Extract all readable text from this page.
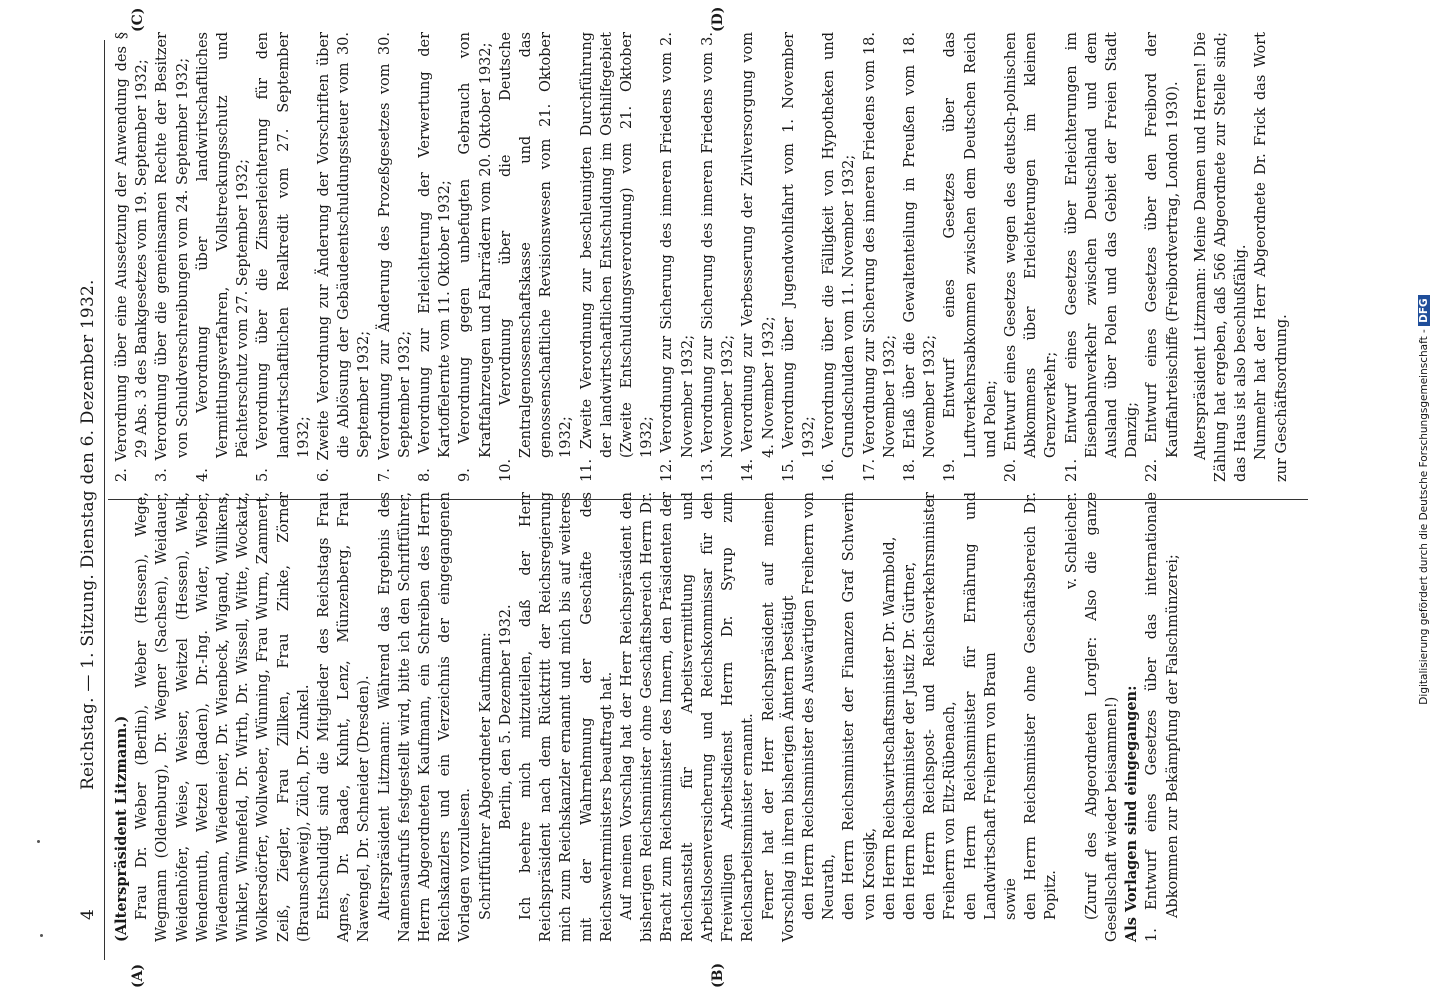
4
Reichstag. — 1. Sitzung. Dienstag den 6. Dezember 1932.
(A)	(B)
(C)	(D)

(Alterspräsident Litzmann.) Frau Dr. Weber (Berlin), Weber (Hessen), Wege, Wegmann (Oldenburg), Dr. Wegner (Sachsen), Weidauer, Weidenhöfer, Weise, Weiser, Weitzel (Hessen), Welk, Wendemuth, Wetzel (Baden), Dr.-Ing. Wider, Wieber, Wiedemann, Wiedemeier, Dr. Wienbeck, Wigand, Willikens, Winkler, Winnefeld, Dr. Wirth, Dr. Wissell, Witte, Wockatz, Wolkersdörfer, Wollweber, Wünning, Frau Wurm, Zammert, Zeiß, Ziegler, Frau Zillken, Frau Zinke, Zörner (Braunschweig), Zülch, Dr. Zunkel. Entschuldigt sind die Mitglieder des Reichstags Frau Agnes, Dr. Baade, Kuhnt, Lenz, Münzenberg, Frau Nawengel, Dr. Schneider (Dresden). Alterspräsident Litzmann: Während das Ergebnis des Namensaufrufs festgestellt wird, bitte ich den Schriftführer, Herrn Abgeordneten Kaufmann, ein Schreiben des Herrn Reichskanzlers und ein Verzeichnis der eingegangenen Vorlagen vorzulesen. Schriftführer Abgeordneter Kaufmann: Berlin, den 5. Dezember 1932. Ich beehre mich mitzuteilen, daß der Herr Reichspräsident nach dem Rücktritt der Reichsregierung mich zum Reichskanzler ernannt und mich bis auf weiteres mit der Wahrnehmung der Geschäfte des Reichswehrministers beauftragt hat. Auf meinen Vorschlag hat der Herr Reichspräsident den bisherigen Reichsminister ohne Geschäftsbereich Herrn Dr. Bracht zum Reichsminister des Innern, den Präsidenten der Reichsanstalt für Arbeitsvermittlung und Arbeitslosenversicherung und Reichskommissar für den Freiwilligen Arbeitsdienst Herrn Dr. Syrup zum Reichsarbeitsminister ernannt. Ferner hat der Herr Reichspräsident auf meinen Vorschlag in ihren bisherigen Ämtern bestätigt den Herrn Reichsminister des Auswärtigen Freiherrn von Neurath, den Herrn Reichsminister der Finanzen Graf Schwerin von Krosigk, den Herrn Reichswirtschaftsminister Dr. Warmbold, den Herrn Reichsminister der Justiz Dr. Gürtner, den Herrn Reichspost- und Reichsverkehrsminister Freiherrn von Eltz-Rübenach, den Herrn Reichsminister für Ernährung und Landwirtschaft Freiherrn von Braun sowie den Herrn Reichsminister ohne Geschäftsbereich Dr. Popitz.

v. Schleicher. (Zuruf des Abgeordneten Lorgler: Also die ganze Gesellschaft wieder beisammen!) Als Vorlagen sind eingegangen: 1. Entwurf eines Gesetzes über das internationale Abkommen zur Bekämpfung der Falschmünzerei;

2. Verordnung über eine Aussetzung der Anwendung des § 29 Abs. 3 des Bankgesetzes vom 19. September 1932; 3. Verordnung über die gemeinsamen Rechte der Besitzer von Schuldverschreibungen vom 24. September 1932; 4. Verordnung über landwirtschaftliches Vermittlungsverfahren, Vollstreckungsschutz und Pächterschutz vom 27. September 1932; 5. Verordnung über die Zinserleichterung für den landwirtschaftlichen Realkredit vom 27. September 1932; 6. Zweite Verordnung zur Änderung der Vorschriften über die Ablösung der Gebäudeentschuldungssteuer vom 30. September 1932; 7. Verordnung zur Änderung des Prozeßgesetzes vom 30. September 1932; 8. Verordnung zur Erleichterung der Verwertung der Kartoffelernte vom 11. Oktober 1932; 9. Verordnung gegen unbefugten Gebrauch von Kraftfahrzeugen und Fahrrädern vom 20. Oktober 1932; 10. Verordnung über die Deutsche Zentralgenossenschaftskasse und das genossenschaftliche Revisionswesen vom 21. Oktober 1932; 11. Zweite Verordnung zur beschleunigten Durchführung der landwirtschaftlichen Entschuldung im Osthilfegebiet (Zweite Entschuldungsverordnung) vom 21. Oktober 1932; 12. Verordnung zur Sicherung des inneren Friedens vom 2. November 1932; 13. Verordnung zur Sicherung des inneren Friedens vom 3. November 1932; 14. Verordnung zur Verbesserung der Zivilversorgung vom 4. November 1932; 15. Verordnung über Jugendwohlfahrt vom 1. November 1932; 16. Verordnung über die Fälligkeit von Hypotheken und Grundschulden vom 11. November 1932; 17. Verordnung zur Sicherung des inneren Friedens vom 18. November 1932; 18. Erlaß über die Gewaltenteilung in Preußen vom 18. November 1932; 19. Entwurf eines Gesetzes über das Luftverkehrsabkommen zwischen dem Deutschen Reich und Polen; 20. Entwurf eines Gesetzes wegen des deutsch-polnischen Abkommens über Erleichterungen im kleinen Grenzverkehr; 21. Entwurf eines Gesetzes über Erleichterungen im Eisenbahnverkehr zwischen Deutschland und dem Ausland über Polen und das Gebiet der Freien Stadt Danzig; 22. Entwurf eines Gesetzes über den Freibord der Kauffahrteischiffe (Freibordvertrag, London 1930). Alterspräsident Litzmann: Meine Damen und Herren! Die Zählung hat ergeben, daß 566 Abgeordnete zur Stelle sind; das Haus ist also beschlußfähig. Nunmehr hat der Herr Abgeordnete Dr. Frick das Wort zur Geschäftsordnung.	Digitalisierung gefördert durch die Deutsche Forschungsgemeinschaft - DFG
